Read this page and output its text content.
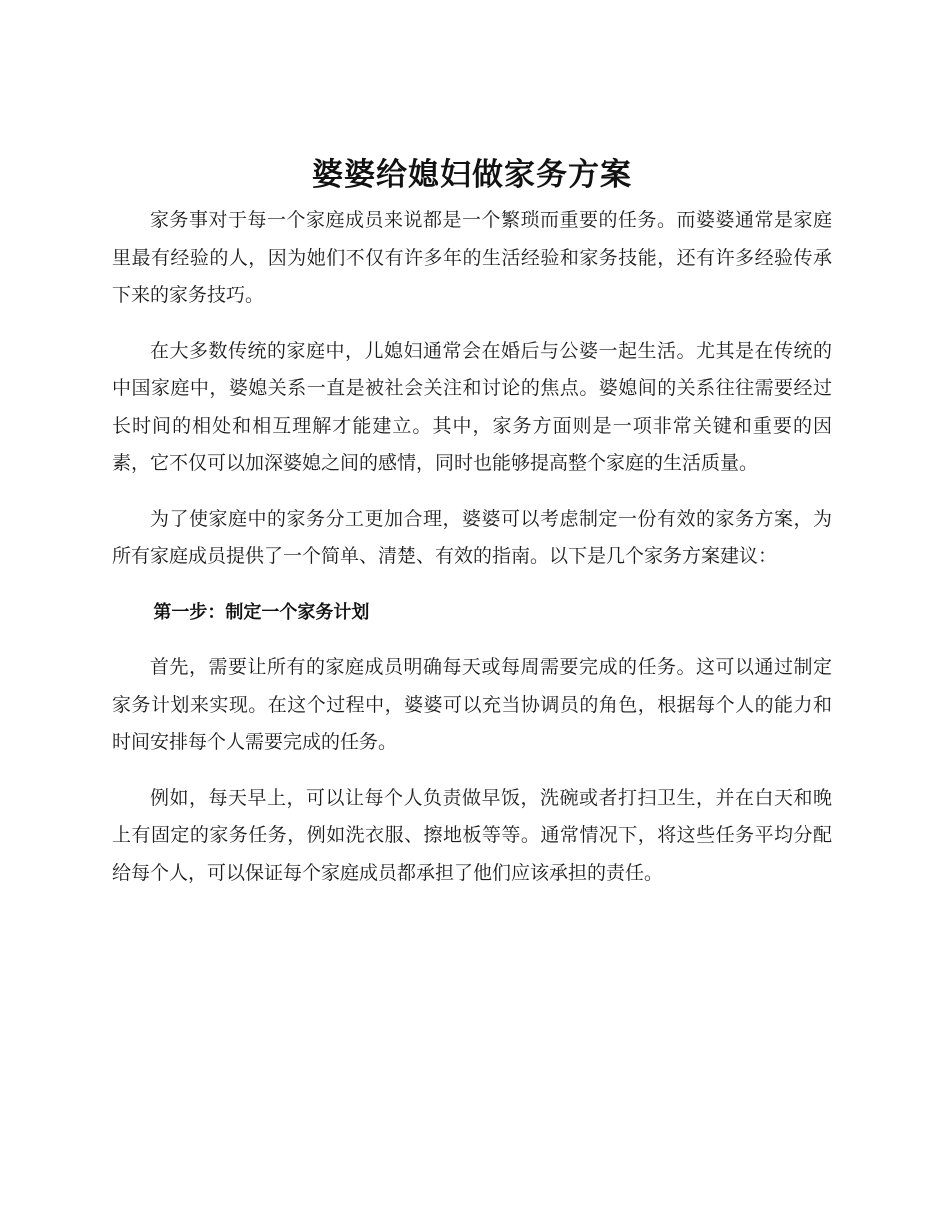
婆婆给媳妇做家务方案

家务事对于每一个家庭成员来说都是一个繁琐而重要的任务。而婆婆通常是家庭里最有经验的人，因为她们不仅有许多年的生活经验和家务技能，还有许多经验传承下来的家务技巧。

在大多数传统的家庭中，儿媳妇通常会在婚后与公婆一起生活。尤其是在传统的中国家庭中，婆媳关系一直是被社会关注和讨论的焦点。婆媳间的关系往往需要经过长时间的相处和相互理解才能建立。其中，家务方面则是一项非常关键和重要的因素，它不仅可以加深婆媳之间的感情，同时也能够提高整个家庭的生活质量。

为了使家庭中的家务分工更加合理，婆婆可以考虑制定一份有效的家务方案，为所有家庭成员提供了一个简单、清楚、有效的指南。以下是几个家务方案建议：

第一步：制定一个家务计划

首先，需要让所有的家庭成员明确每天或每周需要完成的任务。这可以通过制定家务计划来实现。在这个过程中，婆婆可以充当协调员的角色，根据每个人的能力和时间安排每个人需要完成的任务。

例如，每天早上，可以让每个人负责做早饭，洗碗或者打扫卫生，并在白天和晚上有固定的家务任务，例如洗衣服、擦地板等等。通常情况下，将这些任务平均分配给每个人，可以保证每个家庭成员都承担了他们应该承担的责任。
